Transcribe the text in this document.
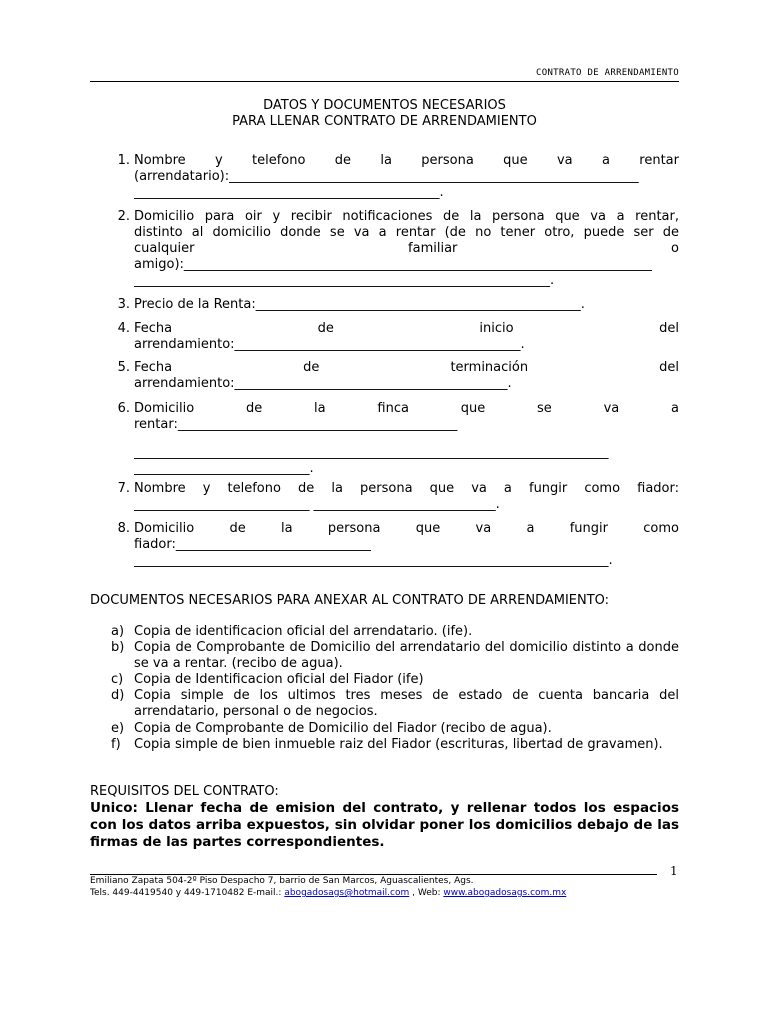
CONTRATO DE ARRENDAMIENTO
DATOS Y DOCUMENTOS NECESARIOS
PARA LLENAR CONTRATO DE ARRENDAMIENTO
1. Nombre y telefono de la persona que va a rentar
(arrendatario):_______________________________________________________________
_______________________________________________.
2. Domicilio para oir y recibir notificaciones de la persona que va a rentar,
distinto al domicilio donde se va a rentar (de no tener otro, puede ser de
cualquier familiar o
amigo):________________________________________________________________________
________________________________________________________________.
3. Precio de la Renta:__________________________________________________.
4. Fecha de inicio del
arrendamiento:____________________________________________.
5. Fecha de terminación del
arrendamiento:__________________________________________.
6. Domicilio de la finca que se va a
rentar:___________________________________________
_________________________________________________________________________
___________________________.
7. Nombre y telefono de la persona que va a fungir como fiador:
___________________________ ____________________________.
8. Domicilio de la persona que va a fungir como
fiador:______________________________
_________________________________________________________________________.
DOCUMENTOS NECESARIOS PARA ANEXAR AL CONTRATO DE ARRENDAMIENTO:
a) Copia de identificacion oficial del arrendatario. (ife).
b) Copia de Comprobante de Domicilio del arrendatario del domicilio distinto a donde se va a rentar. (recibo de agua).
c) Copia de Identificacion oficial del Fiador (ife)
d) Copia simple de los ultimos tres meses de estado de cuenta bancaria del arrendatario, personal o de negocios.
e) Copia de Comprobante de Domicilio del Fiador (recibo de agua).
f) Copia simple de bien inmueble raiz del Fiador (escrituras, libertad de gravamen).
REQUISITOS DEL CONTRATO:
Unico: Llenar fecha de emision del contrato, y rellenar todos los espacios con los datos arriba expuestos, sin olvidar poner los domicilios debajo de las firmas de las partes correspondientes.
1
Emiliano Zapata 504-2º Piso Despacho 7, barrio de San Marcos, Aguascalientes, Ags.
Tels. 449-4419540 y 449-1710482 E-mail.: abogadosags@hotmail.com , Web: www.abogadosags.com.mx
